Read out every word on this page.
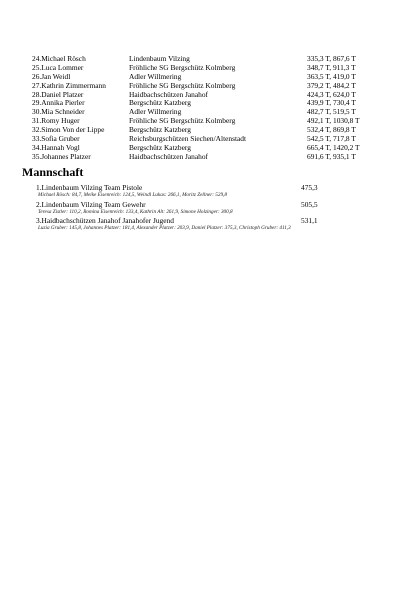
24.Michael Rösch	Lindenbaum Vilzing	335,3 T, 867,6 T
25.Luca Lommer	Fröhliche SG Bergschütz Kolmberg	348,7 T, 911,3 T
26.Jan Weidl	Adler Willmering	363,5 T, 419,0 T
27.Kathrin Zimmermann	Fröhliche SG Bergschütz Kolmberg	379,2 T, 484,2 T
28.Daniel Platzer	Haidbachschützen Janahof	424,3 T, 624,0 T
29.Annika Pierler	Bergschütz Katzberg	439,9 T, 730,4 T
30.Mia Schneider	Adler Willmering	482,7 T, 519,5 T
31.Romy Huger	Fröhliche SG Bergschütz Kolmberg	492,1 T, 1030,8 T
32.Simon Von der Lippe	Bergschütz Katzberg	532,4 T, 869,8 T
33.Sofia Gruber	Reichsburgschützen Siechen/Altenstadt	542,5 T, 717,8 T
34.Hannah Vogl	Bergschütz Katzberg	665,4 T, 1420,2 T
35.Johannes Platzer	Haidbachschützen Janahof	691,6 T, 935,1 T
Mannschaft
1.Lindenbaum Vilzing Team Pistole	475,3
Michael Rösch: 84,7, Meike Eisenreich: 124,5, Weindl Lukas: 266,1, Moritz Zellner: 529,8
2.Lindenbaum Vilzing Team Gewehr	505,5
Teresa Zistler: 110,2, Romina Eisenreich: 133,4, Kathrin Alt: 261,9, Simone Holzinger: 300,8
3.Haidbachschützen Janahof Janahofer Jugend	531,1
Luzia Gruber: 145,8, Johannes Platzer: 181,4, Alexander Platzer: 203,9, Daniel Platzer: 375,3, Christoph Gruber: 411,3
